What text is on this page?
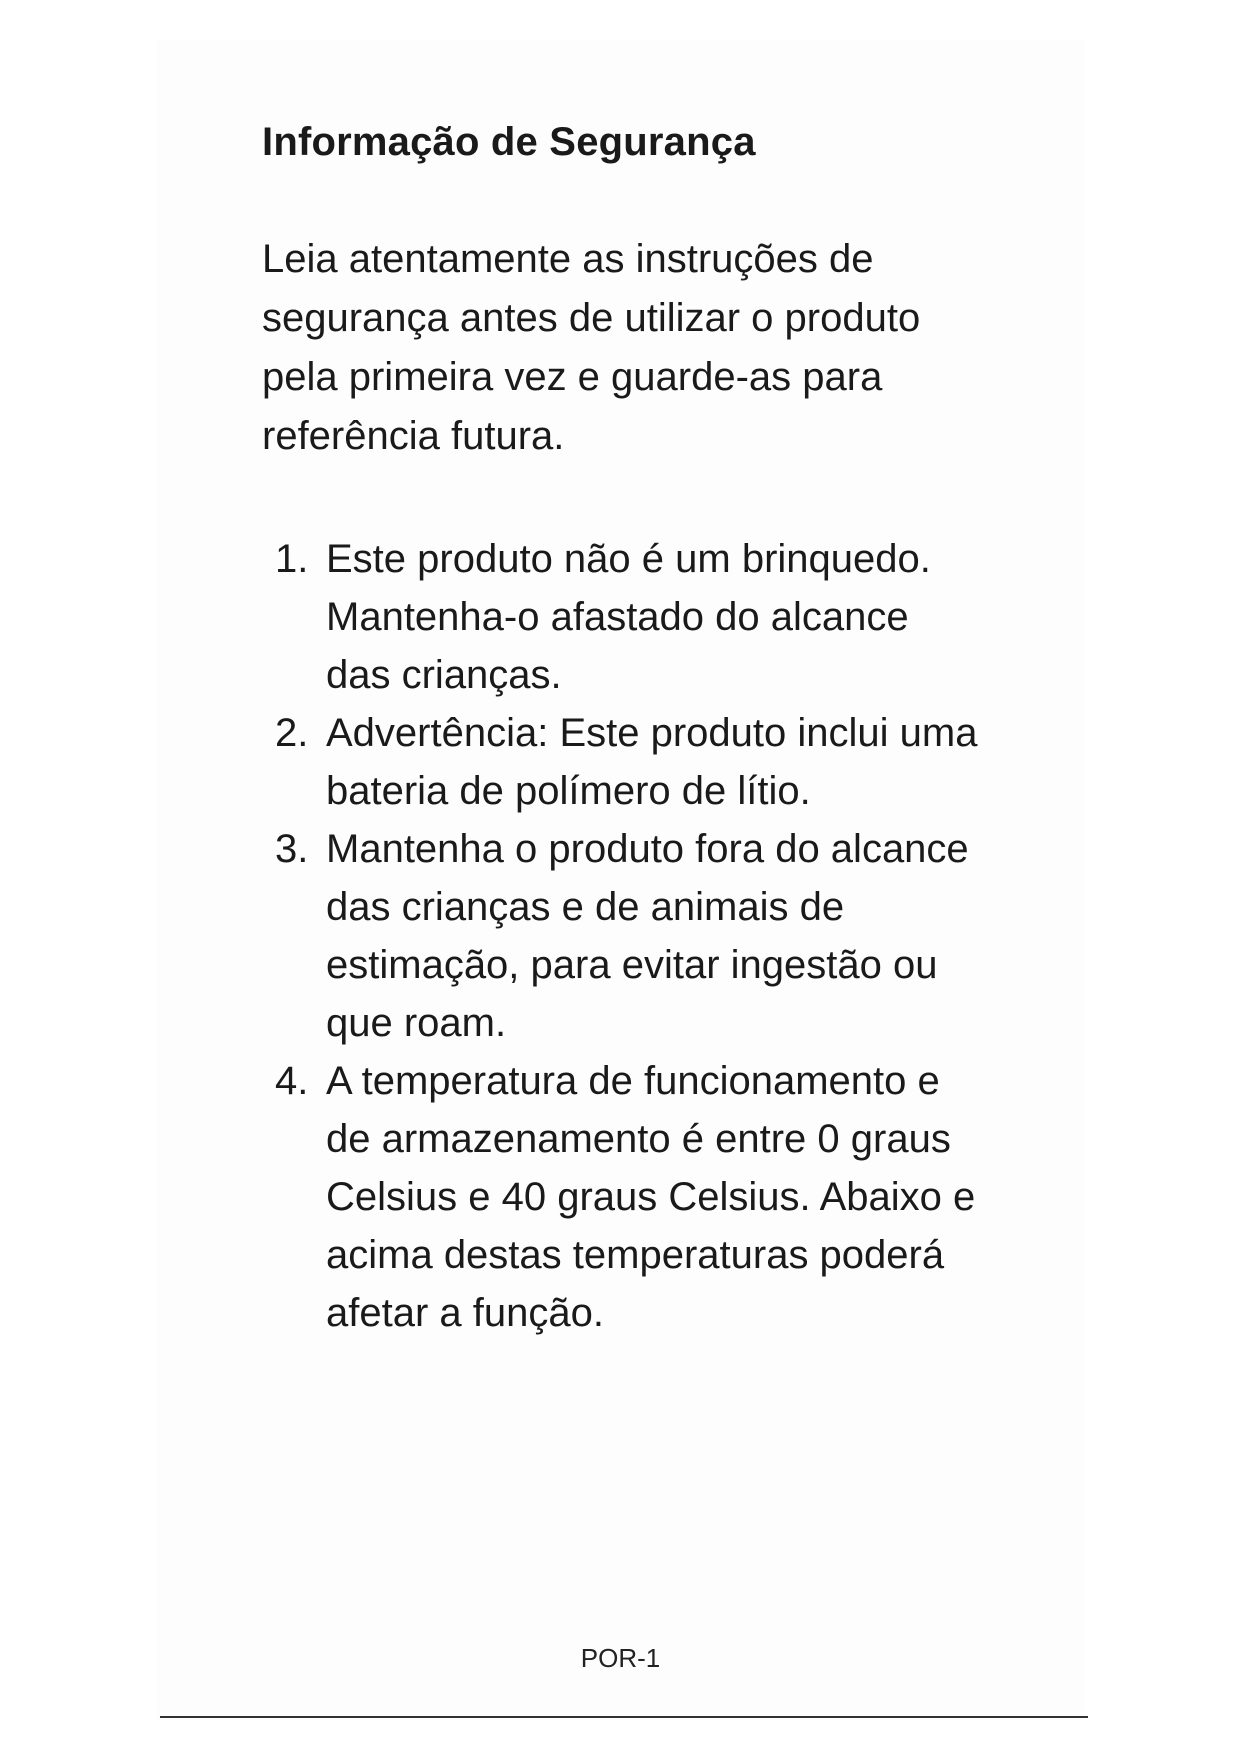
Informação de Segurança

Leia atentamente as instruções de segurança antes de utilizar o produto pela primeira vez e guarde-as para referência futura.

1. Este produto não é um brinquedo. Mantenha-o afastado do alcance das crianças.
2. Advertência: Este produto inclui uma bateria de polímero de lítio.
3. Mantenha o produto fora do alcance das crianças e de animais de estimação, para evitar ingestão ou que roam.
4. A temperatura de funcionamento e de armazenamento é entre 0 graus Celsius e 40 graus Celsius. Abaixo e acima destas temperaturas poderá afetar a função.
POR-1
